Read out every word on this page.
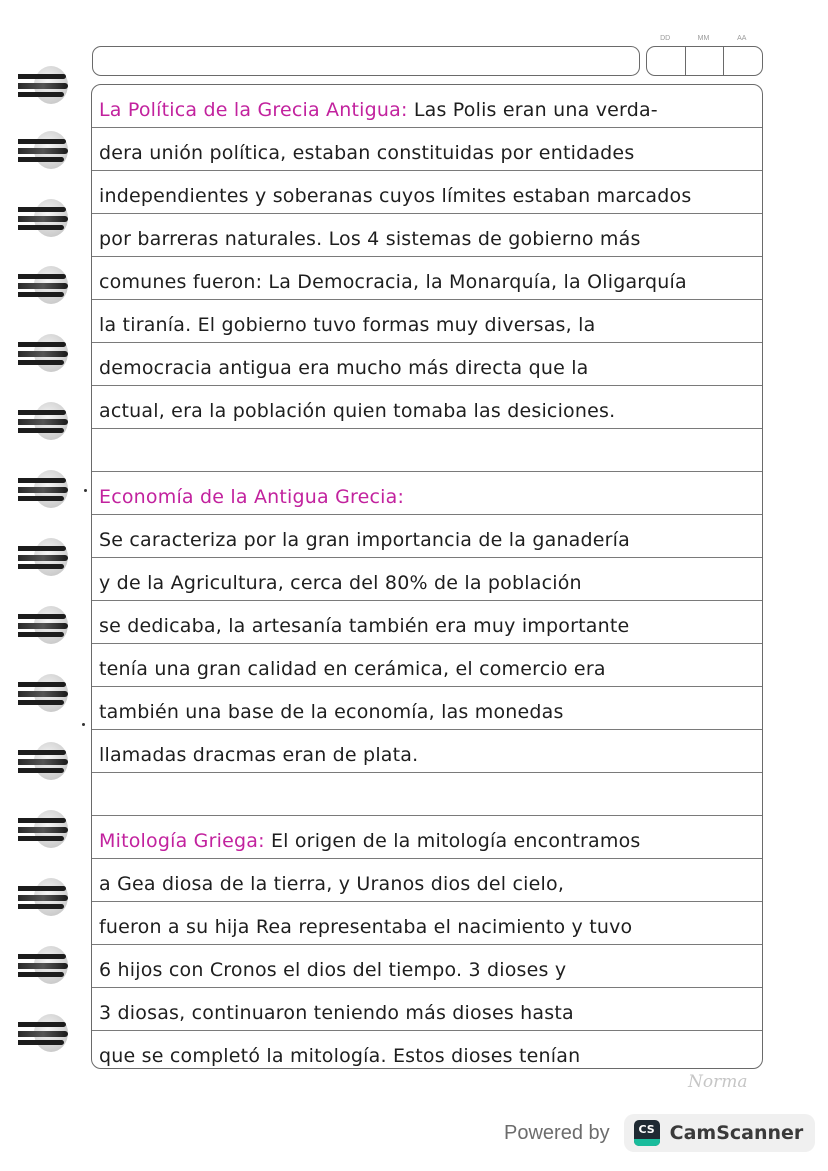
DD	MM	AA
La Política de la Grecia Antigua: Las Polis eran una verda-
dera unión política, estaban constituidas por entidades
independientes y soberanas cuyos límites estaban marcados
por barreras naturales. Los 4 sistemas de gobierno más
comunes fueron: La Democracia, la Monarquía, la Oligarquía
la tiranía. El gobierno tuvo formas muy diversas, la
democracia antigua era mucho más directa que la
actual, era la población quien tomaba las desiciones.
Economía de la Antigua Grecia:
Se caracteriza por la gran importancia de la ganadería
y de la Agricultura, cerca del 80% de la población
se dedicaba, la artesanía también era muy importante
tenía una gran calidad en cerámica, el comercio era
también una base de la economía, las monedas
llamadas dracmas eran de plata.
Mitología Griega: El origen de la mitología encontramos
a Gea diosa de la tierra, y Uranos dios del cielo,
fueron a su hija Rea representaba el nacimiento y tuvo
6 hijos con Cronos el dios del tiempo. 3 dioses y
3 diosas, continuaron teniendo más dioses hasta
que se completó la mitología. Estos dioses tenían
Norma
Powered by	CS CamScanner
